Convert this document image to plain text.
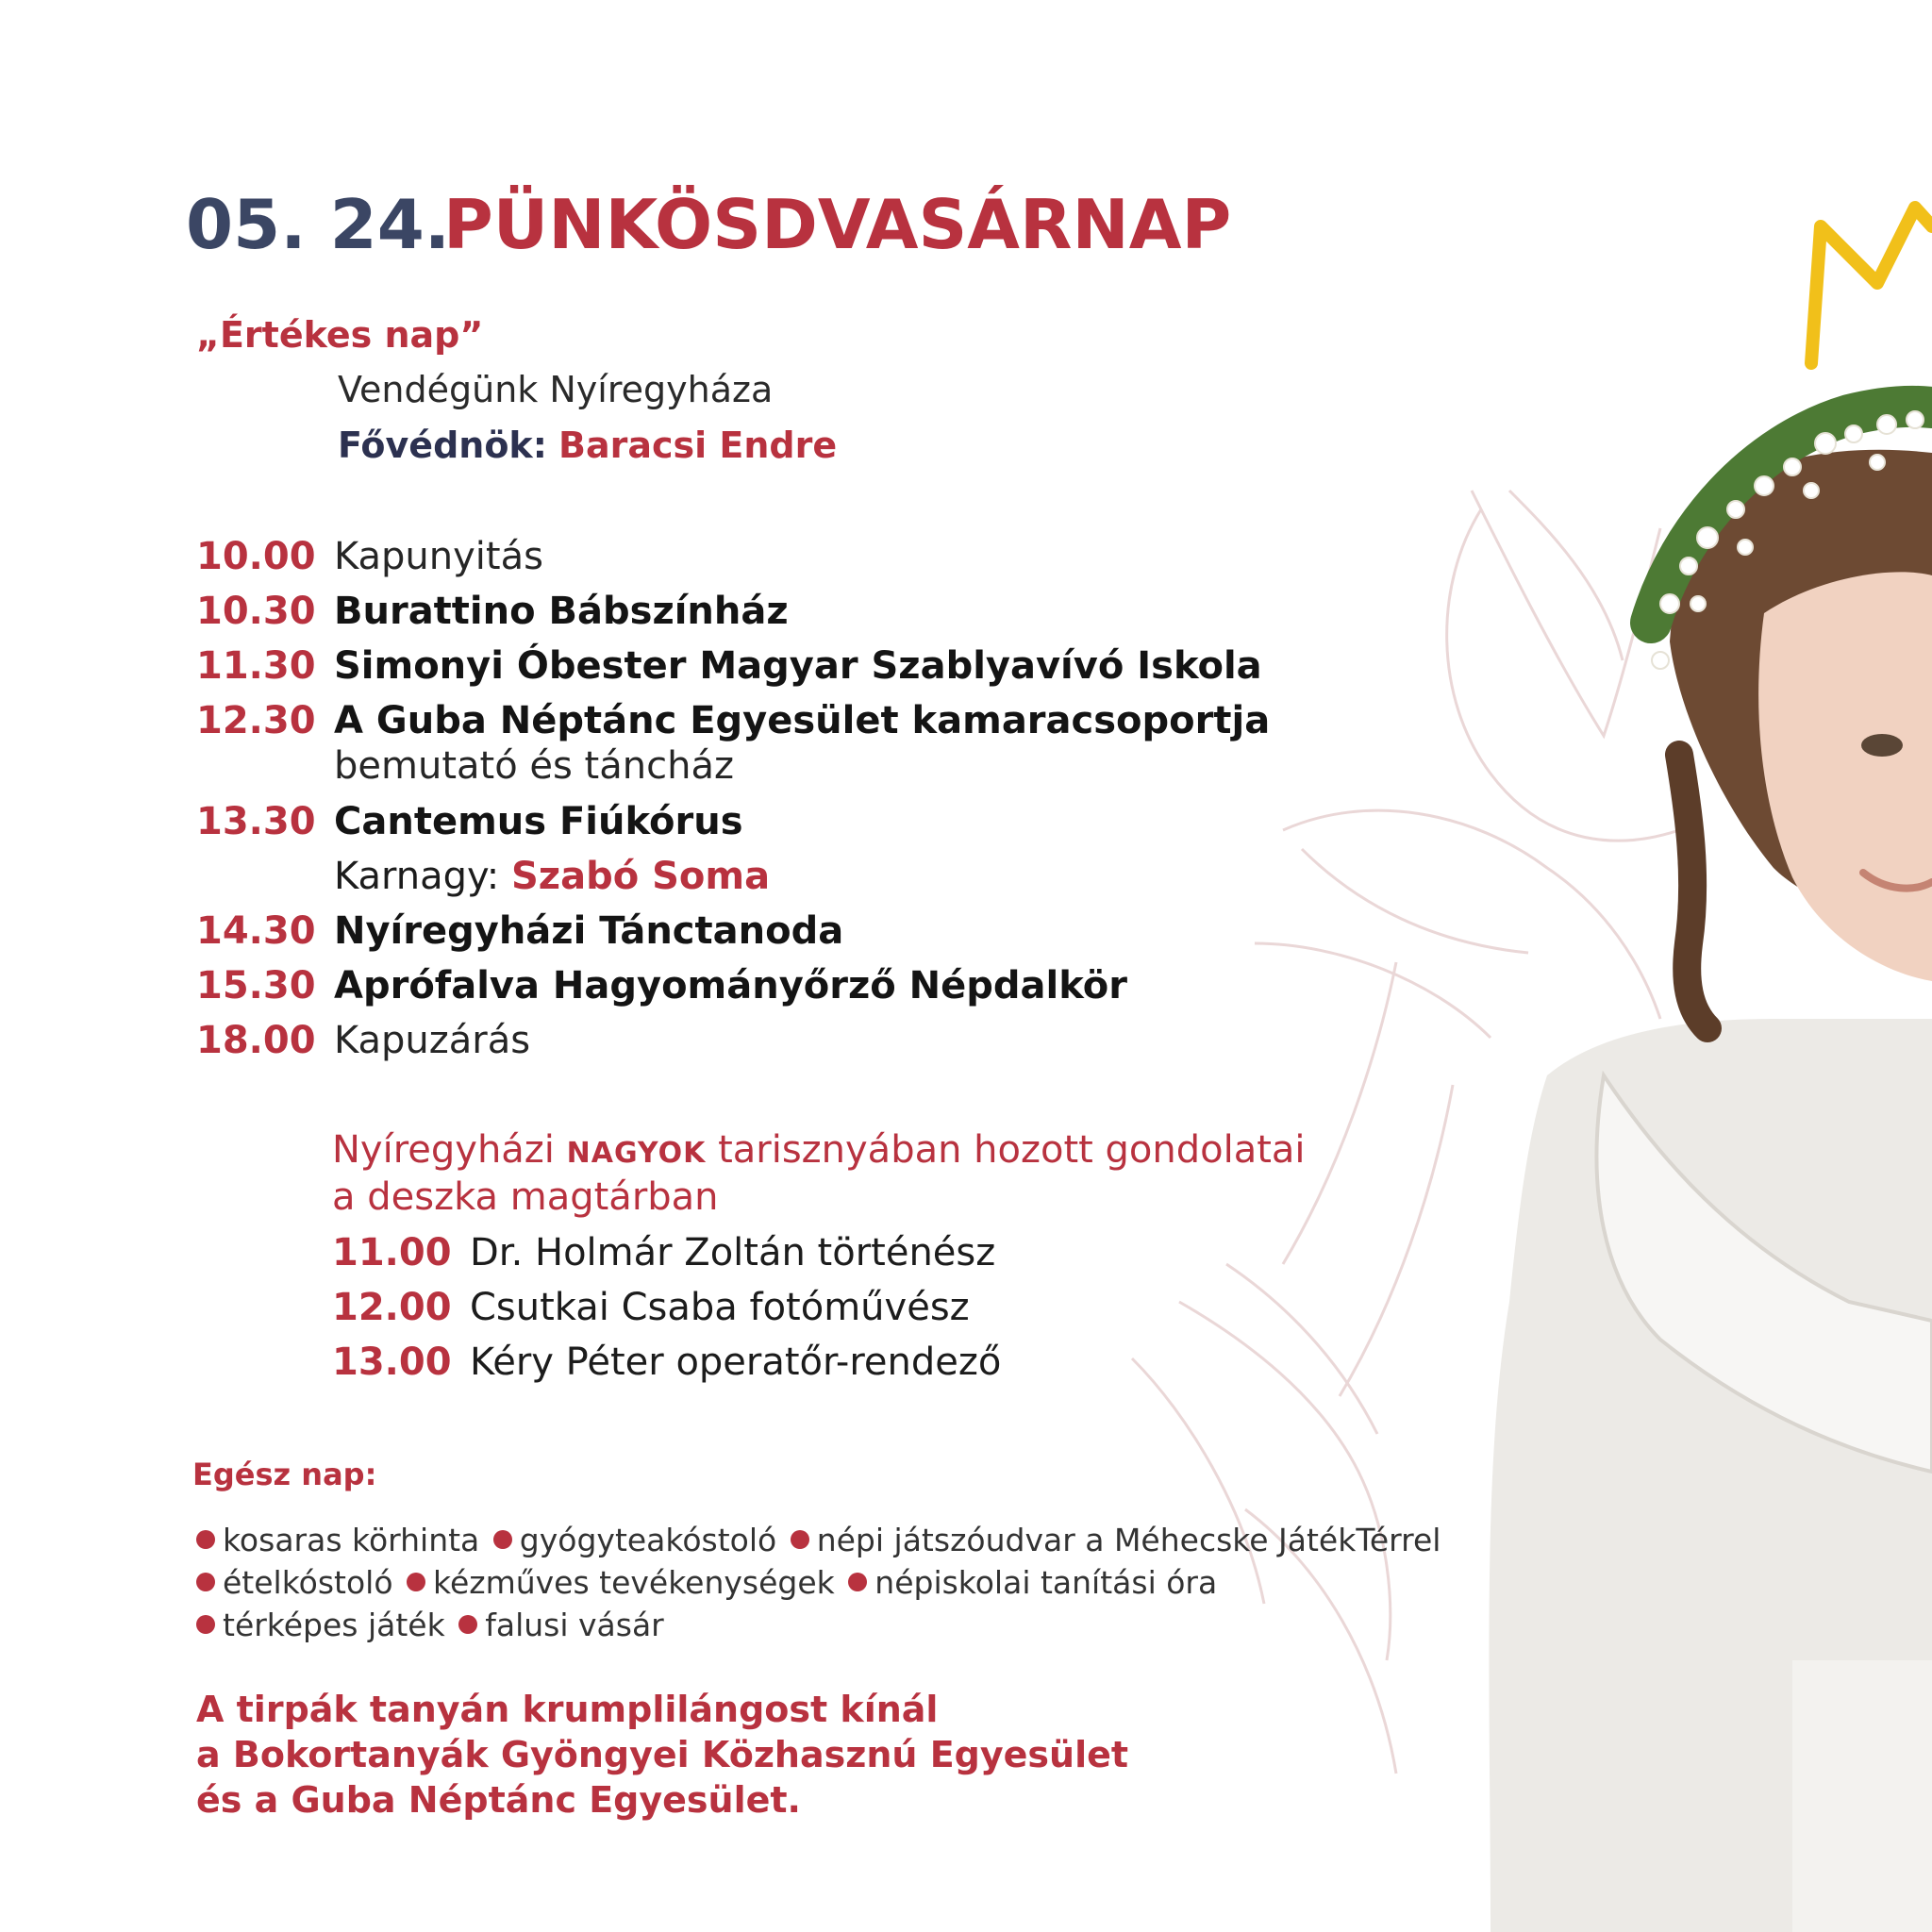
05. 24.
PÜNKÖSDVASÁRNAP
„Értékes nap”
Vendégünk Nyíregyháza
Fővédnök: Baracsi Endre
10.00 Kapunyitás
10.30 Burattino Bábszínház
11.30 Simonyi Óbester Magyar Szablyavívó Iskola
12.30 A Guba Néptánc Egyesület kamaracsoportja
bemutató és táncház
13.30 Cantemus Fiúkórus
Karnagy: Szabó Soma
14.30 Nyíregyházi Tánctanoda
15.30 Aprófalva Hagyományőrző Népdalkör
18.00 Kapuzárás
Nyíregyházi NAGYOK tarisznyában hozott gondolatai
a deszka magtárban
11.00 Dr. Holmár Zoltán történész
12.00 Csutkai Csaba fotóművész
13.00 Kéry Péter operatőr-rendező
Egész nap:
kosaras körhinta gyógyteakóstoló népi játszóudvar a Méhecske JátékTérrel
ételkóstoló kézműves tevékenységek népiskolai tanítási óra
térképes játék falusi vásár
A tirpák tanyán krumplilángost kínál
a Bokortanyák Gyöngyei Közhasznú Egyesület
és a Guba Néptánc Egyesület.
